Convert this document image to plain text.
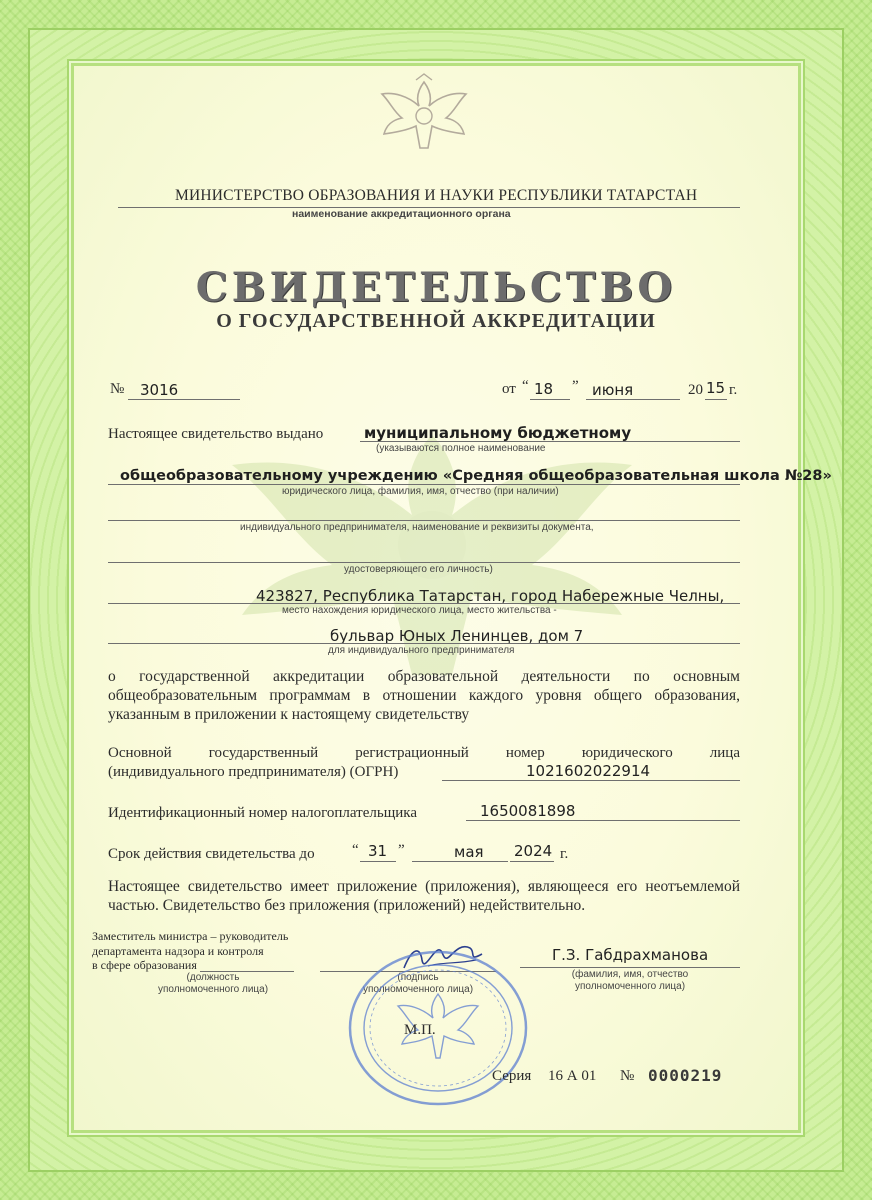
МИНИСТЕРСТВО ОБРАЗОВАНИЯ И НАУКИ РЕСПУБЛИКИ ТАТАРСТАН
наименование аккредитационного органа
СВИДЕТЕЛЬСТВО
О ГОСУДАРСТВЕННОЙ АККРЕДИТАЦИИ
№ 3016	от “ 18 ” июня	20 15 г.
Настоящее свидетельство выдано	муниципальному бюджетному
(указываются полное наименование
общеобразовательному учреждению «Средняя общеобразовательная школа №28»
юридического лица, фамилия, имя, отчество (при наличии)
индивидуального предпринимателя, наименование и реквизиты документа,
удостоверяющего его личность)
423827, Республика Татарстан, город Набережные Челны,
место нахождения юридического лица, место жительства -
бульвар Юных Ленинцев, дом 7
для индивидуального предпринимателя
о государственной аккредитации образовательной деятельности по основным общеобразовательным программам в отношении каждого уровня общего образования, указанным в приложении к настоящему свидетельству
Основной государственный регистрационный номер юридического лица
(индивидуального предпринимателя) (ОГРН)	1021602022914
Идентификационный номер налогоплательщика	1650081898
Срок действия свидетельства до “ 31 ”	мая 2024 г.
Настоящее свидетельство имеет приложение (приложения), являющееся его неотъемлемой частью. Свидетельство без приложения (приложений) недействительно.
Заместитель министра – руководитель
департамента надзора и контроля
в сфере образования
(должность
уполномоченного лица)
(подпись
уполномоченного лица)
Г.З. Габдрахманова
(фамилия, имя, отчество
уполномоченного лица)
М.П.
Серия 16 А 01 № 0000219
